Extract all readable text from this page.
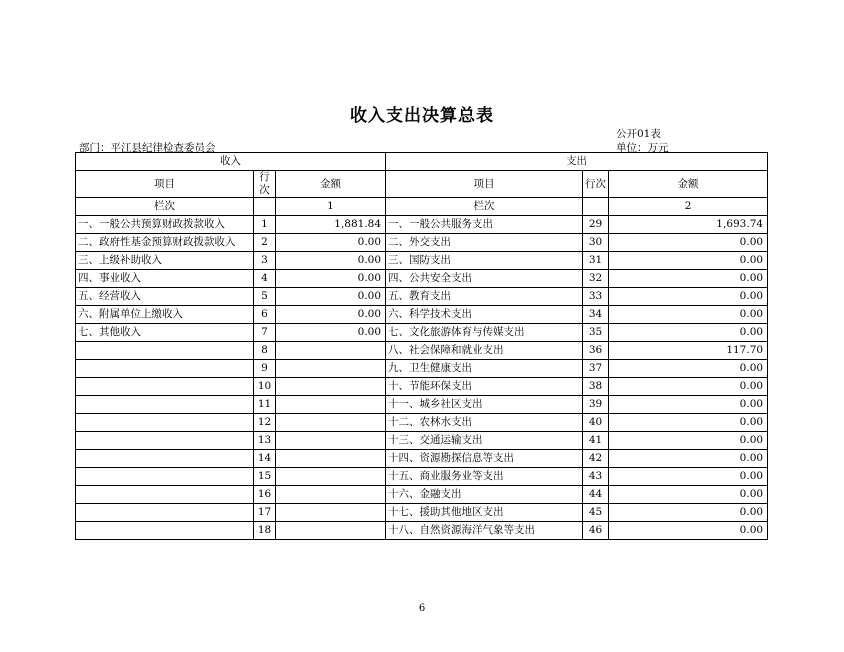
收入支出决算总表
公开01表
部门：平江县纪律检查委员会	单位：万元
收入			支出		
项目	行次	金额	项目	行次	金额
栏次		1	栏次		2
一、一般公共预算财政拨款收入	1	1,881.84	一、一般公共服务支出	29	1,693.74
二、政府性基金预算财政拨款收入	2	0.00	二、外交支出	30	0.00
三、上级补助收入	3	0.00	三、国防支出	31	0.00
四、事业收入	4	0.00	四、公共安全支出	32	0.00
五、经营收入	5	0.00	五、教育支出	33	0.00
六、附属单位上缴收入	6	0.00	六、科学技术支出	34	0.00
七、其他收入	7	0.00	七、文化旅游体育与传媒支出	35	0.00
	8		八、社会保障和就业支出	36	117.70
	9		九、卫生健康支出	37	0.00
	10		十、节能环保支出	38	0.00
	11		十一、城乡社区支出	39	0.00
	12		十二、农林水支出	40	0.00
	13		十三、交通运输支出	41	0.00
	14		十四、资源勘探信息等支出	42	0.00
	15		十五、商业服务业等支出	43	0.00
	16		十六、金融支出	44	0.00
	17		十七、援助其他地区支出	45	0.00
	18		十八、自然资源海洋气象等支出	46	0.00
6
